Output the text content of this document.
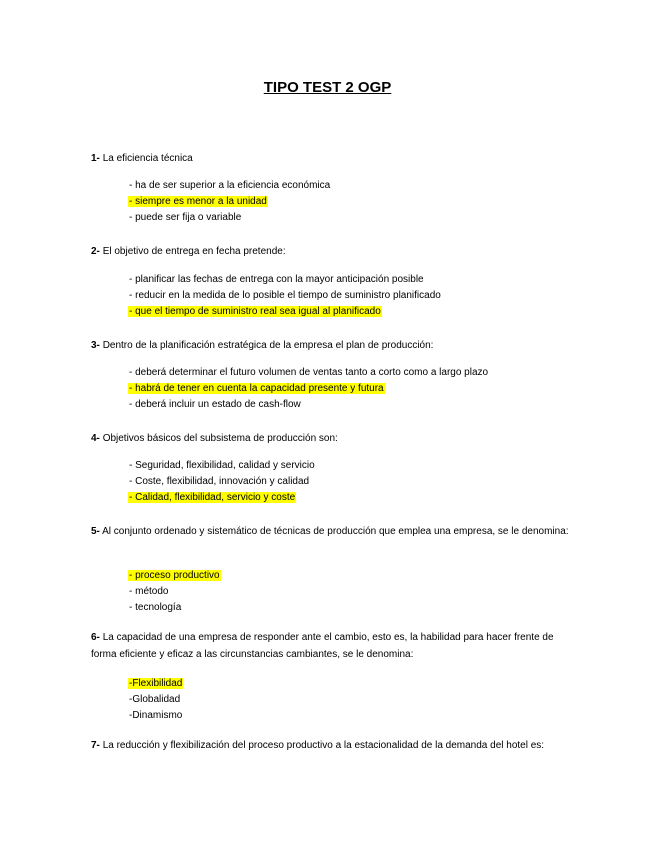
TIPO TEST 2 OGP
1- La eficiencia técnica
- ha de ser superior a la eficiencia económica
- siempre es menor a la unidad
- puede ser fija o variable
2- El objetivo de entrega en fecha pretende:
- planificar las fechas de entrega con la mayor anticipación posible
- reducir en la medida de lo posible el tiempo de suministro planificado
- que el tiempo de suministro real sea igual al planificado
3- Dentro de la planificación estratégica de la empresa el plan de producción:
- deberá determinar el futuro volumen de ventas tanto a corto como a largo plazo
- habrá de tener en cuenta la capacidad presente y futura
- deberá incluir un estado de cash-flow
4- Objetivos básicos del subsistema de producción son:
- Seguridad, flexibilidad, calidad y servicio
- Coste, flexibilidad, innovación y calidad
- Calidad, flexibilidad, servicio y coste
5- Al conjunto ordenado y sistemático de técnicas de producción que emplea una empresa, se le denomina:
- proceso productivo
- método
- tecnología
6- La capacidad de una empresa de responder ante el cambio, esto es, la habilidad para hacer frente de forma eficiente y eficaz a las circunstancias cambiantes, se le denomina:
-Flexibilidad
-Globalidad
-Dinamismo
7- La reducción y flexibilización del proceso productivo a la estacionalidad de la demanda del hotel es:
